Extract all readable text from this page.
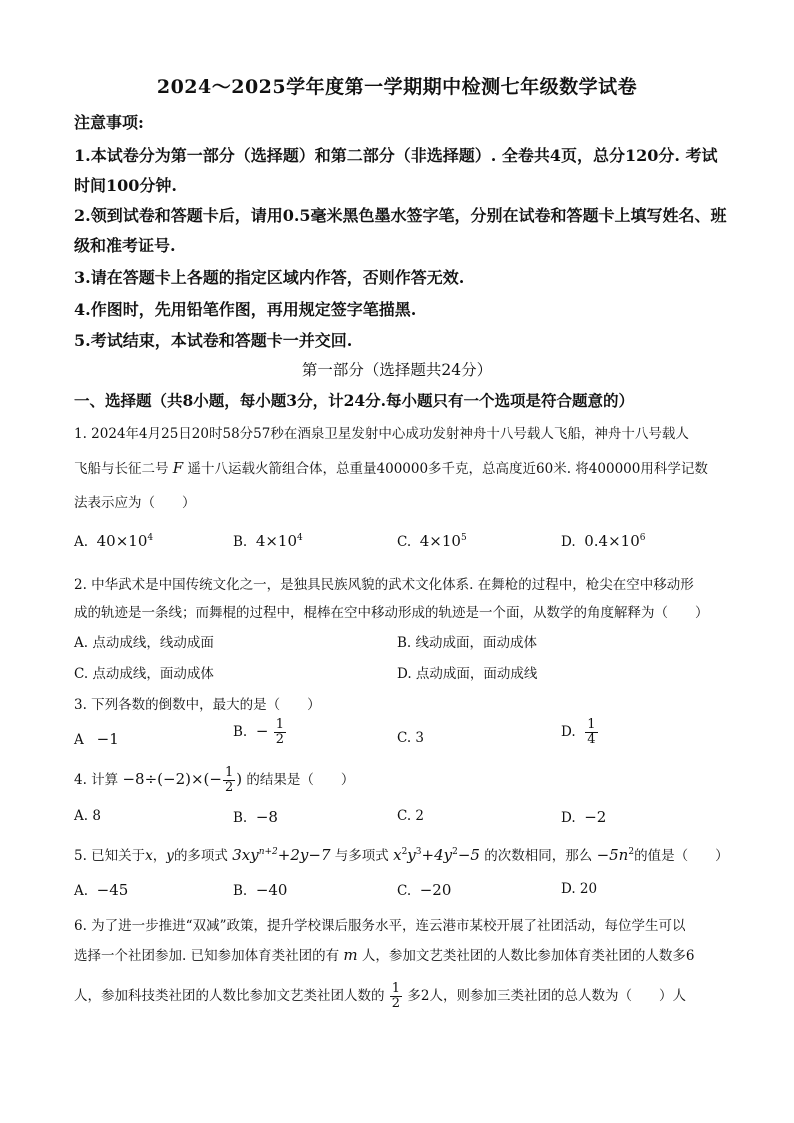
2024～2025学年度第一学期期中检测七年级数学试卷
注意事项:
1.本试卷分为第一部分（选择题）和第二部分（非选择题）. 全卷共4页，总分120分. 考试
时间100分钟.
2.领到试卷和答题卡后，请用0.5毫米黑色墨水签字笔，分别在试卷和答题卡上填写姓名、班
级和准考证号.
3.请在答题卡上各题的指定区域内作答，否则作答无效.
4.作图时，先用铅笔作图，再用规定签字笔描黑.
5.考试结束，本试卷和答题卡一并交回.
第一部分（选择题共24分）
一、选择题（共8小题，每小题3分，计24分.每小题只有一个选项是符合题意的）
1. 2024年4月25日20时58分57秒在酒泉卫星发射中心成功发射神舟十八号载人飞船，神舟十八号载人
飞船与长征二号 F 遥十八运载火箭组合体，总重量400000多千克，总高度近60米. 将400000用科学记数
法表示应为（　　）
A. $40\times 10^4$	B. $4\times 10^4$	C. $4\times 10^5$	D. $0.4\times 10^6$
2. 中华武术是中国传统文化之一，是独具民族风貌的武术文化体系. 在舞枪的过程中，枪尖在空中移动形
成的轨迹是一条线；而舞棍的过程中，棍棒在空中移动形成的轨迹是一个面，从数学的角度解释为（　　）
A. 点动成线，线动成面	B. 线动成面，面动成体
C. 点动成线，面动成体	D. 点动成面，面动成线
3. 下列各数的倒数中，最大的是（　　）
A −1	B. − $\frac{1}{2}$	C. 3	D. $\frac{1}{4}$
4. 计算 $-8\div(-2)\times(- \frac{1}{2}$ ) 的结果是（　　）
A. 8	B. −8	C. 2	D. −2
5. 已知关于x，y的多项式 $3xy^{n+2}+2y-7$ 与多项式 $x^2y^3+4y^2-5$ 的次数相同，那么 $-5n^2$的值是（　　）
A. −45	B. −40	C. −20	D. 20
6. 为了进一步推进“双减”政策，提升学校课后服务水平，连云港市某校开展了社团活动，每位学生可以
选择一个社团参加. 已知参加体育类社团的有 m 人，参加文艺类社团的人数比参加体育类社团的人数多6
人，参加科技类社团的人数比参加文艺类社团人数的 $\frac{1}{2}$ 多2人，则参加三类社团的总人数为（　　）人
